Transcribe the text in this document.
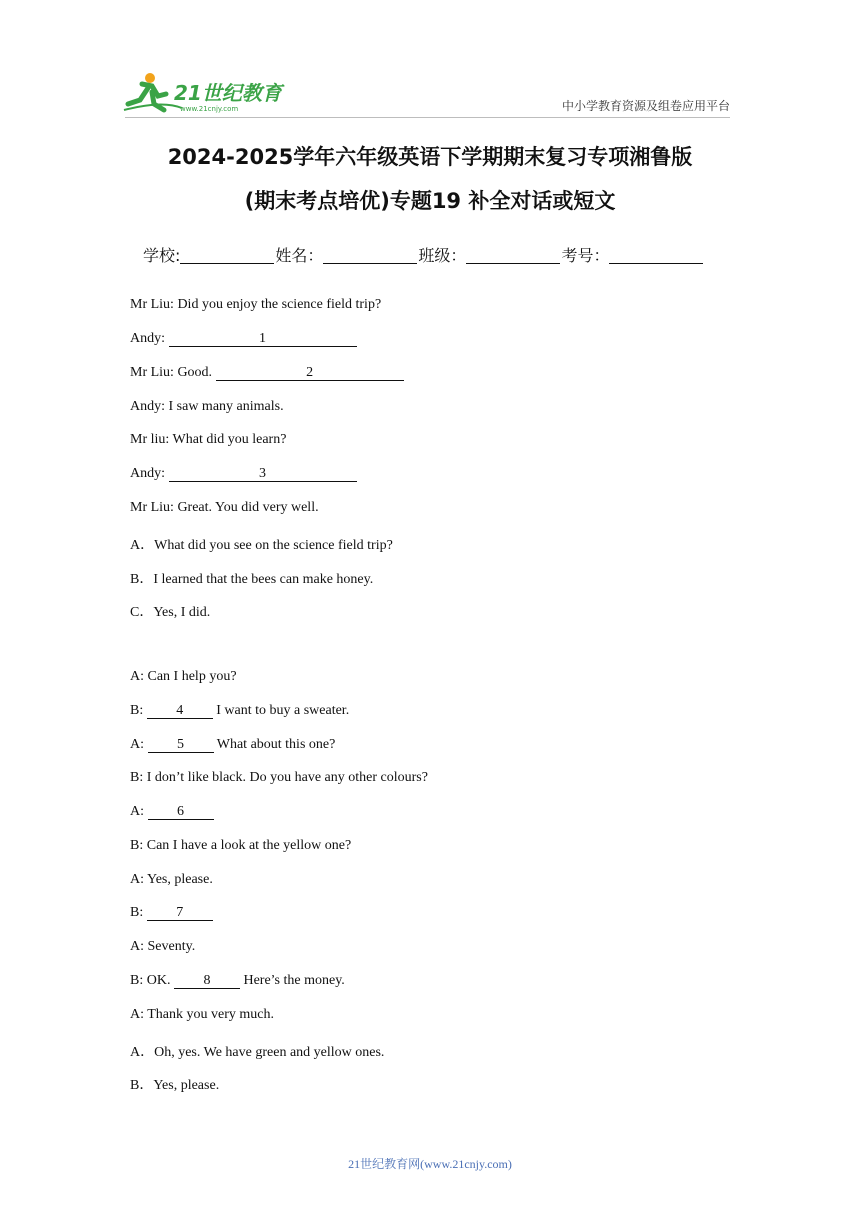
21世纪教育
www.21cnjy.com	中小学教育资源及组卷应用平台
2024-2025学年六年级英语下学期期末复习专项湘鲁版
(期末考点培优)专题19 补全对话或短文
学校:	姓名：	班级：	考号：
Mr Liu: Did you enjoy the science field trip?
Andy:	1
Mr Liu: Good.	2
Andy: I saw many animals.
Mr liu: What did you learn?
Andy:	3
Mr Liu: Great. You did very well.
A．What did you see on the science field trip?
B．I learned that the bees can make honey.
C．Yes, I did.
A: Can I help you?
B: 4 I want to buy a sweater.
A: 5 What about this one?
B: I don’t like black. Do you have any other colours?
A: 6
B: Can I have a look at the yellow one?
A: Yes, please.
B: 7
A: Seventy.
B: OK. 8 Here’s the money.
A: Thank you very much.
A．Oh, yes. We have green and yellow ones.
B．Yes, please.
21世纪教育网(www.21cnjy.com)
